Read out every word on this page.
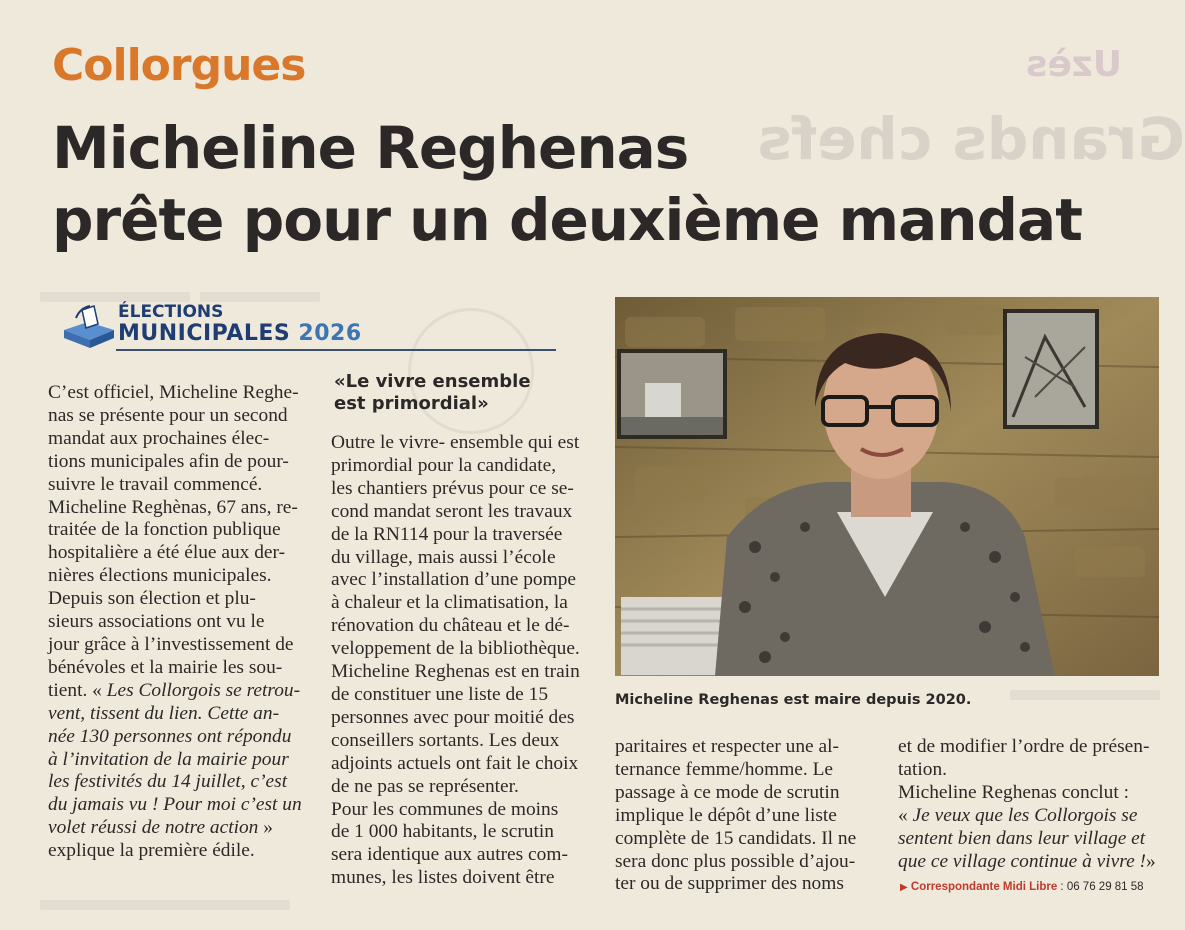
Uzès
Grands chefs
Collorgues
Micheline Reghenas
prête pour un deuxième mandat
ÉLECTIONS
MUNICIPALES 2026
C’est officiel, Micheline Reghe-
nas se présente pour un second
mandat aux prochaines élec-
tions municipales afin de pour-
suivre le travail commencé.
Micheline Reghènas, 67 ans, re-
traitée de la fonction publique
hospitalière a été élue aux der-
nières élections municipales.
Depuis son élection et plu-
sieurs associations ont vu le
jour grâce à l’investissement de
bénévoles et la mairie les sou-
tient. « Les Collorgois se retrou-
vent, tissent du lien. Cette an-
née 130 personnes ont répondu
à l’invitation de la mairie pour
les festivités du 14 juillet, c’est
du jamais vu ! Pour moi c’est un
volet réussi de notre action »
explique la première édile.
«Le vivre ensemble
est primordial»
Outre le vivre- ensemble qui est
primordial pour la candidate,
les chantiers prévus pour ce se-
cond mandat seront les travaux
de la RN114 pour la traversée
du village, mais aussi l’école
avec l’installation d’une pompe
à chaleur et la climatisation, la
rénovation du château et le dé-
veloppement de la bibliothèque.
Micheline Reghenas est en train
de constituer une liste de 15
personnes avec pour moitié des
conseillers sortants. Les deux
adjoints actuels ont fait le choix
de ne pas se représenter.
Pour les communes de moins
de 1 000 habitants, le scrutin
sera identique aux autres com-
munes, les listes doivent être
Micheline Reghenas est maire depuis 2020.
paritaires et respecter une al-
ternance femme/homme. Le
passage à ce mode de scrutin
implique le dépôt d’une liste
complète de 15 candidats. Il ne
sera donc plus possible d’ajou-
ter ou de supprimer des noms
et de modifier l’ordre de présen-
tation.
Micheline Reghenas conclut :
« Je veux que les Collorgois se
sentent bien dans leur village et
que ce village continue à vivre !»
▶ Correspondante Midi Libre : 06 76 29 81 58
